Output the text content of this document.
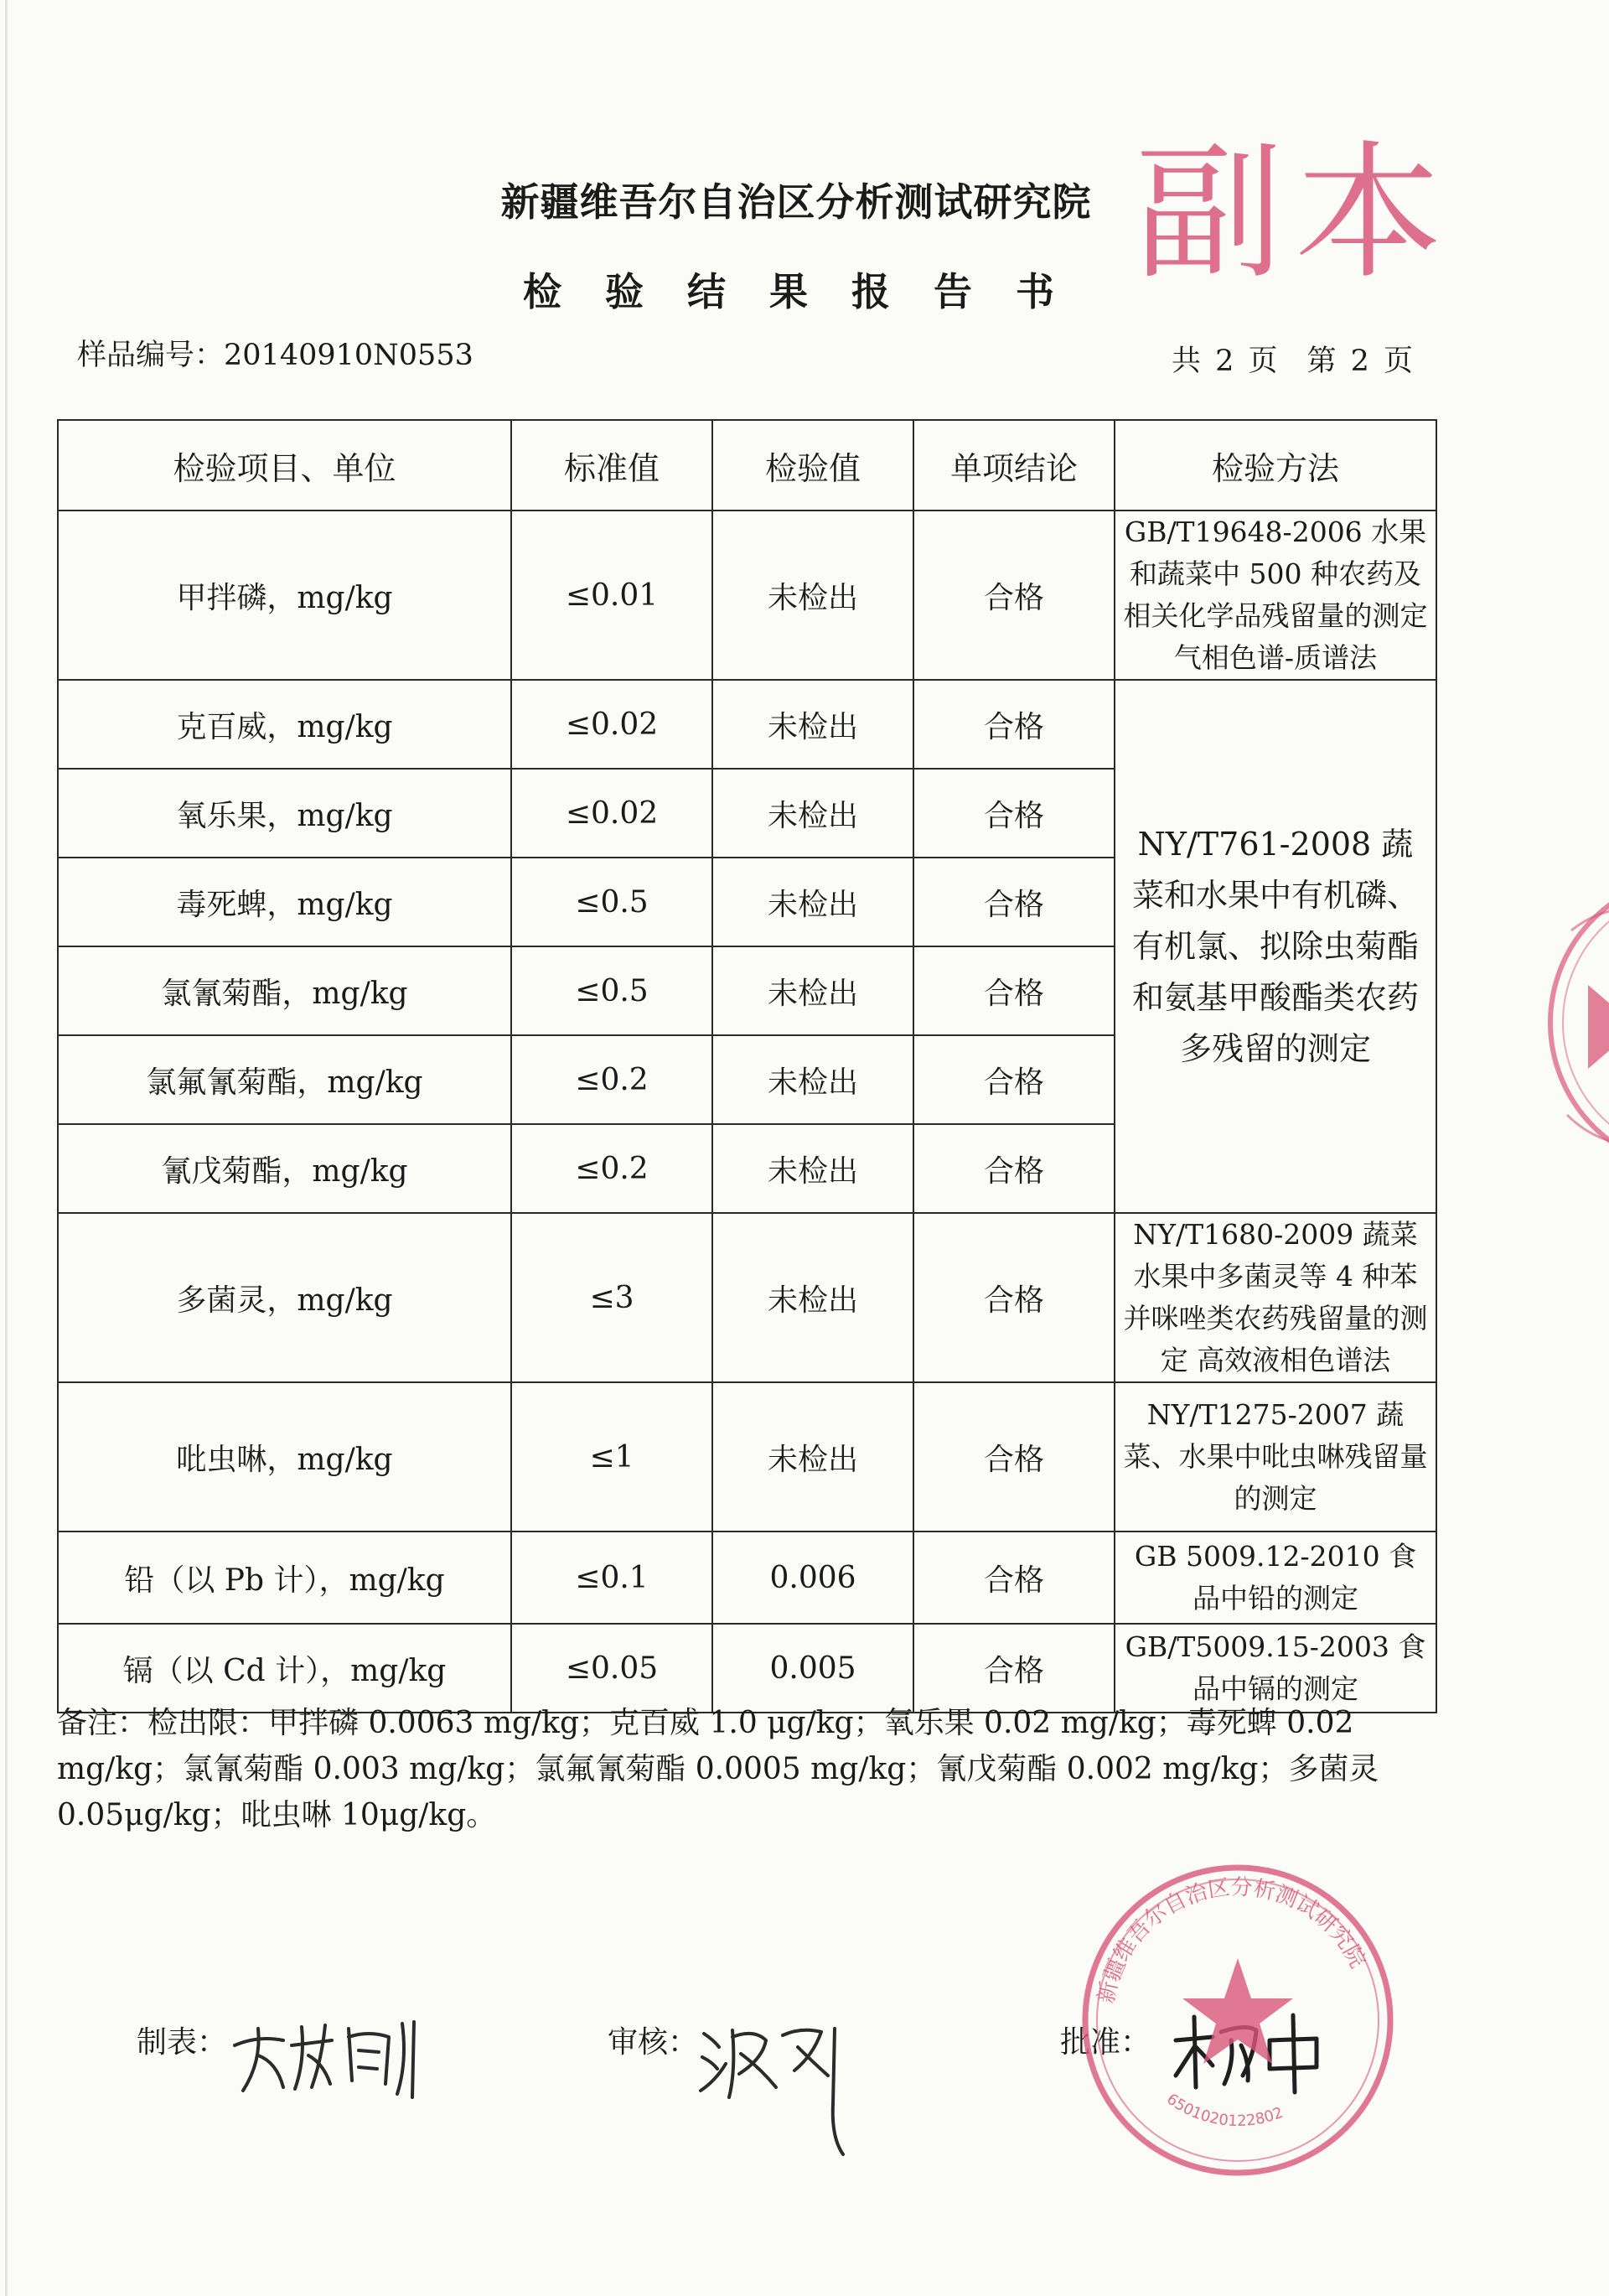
新疆维吾尔自治区分析测试研究院
检 验 结 果 报 告 书 副本
样品编号：20140910N0553	共 2 页　第 2 页
检验项目、单位	标准值	检验值	单项结论	检验方法
甲拌磷，mg/kg	≤0.01	未检出	合格	GB/T19648-2006 水果和蔬菜中 500 种农药及相关化学品残留量的测定 气相色谱-质谱法
克百威，mg/kg	≤0.02	未检出	合格	NY/T761-2008 蔬菜和水果中有机磷、有机氯、拟除虫菊酯和氨基甲酸酯类农药多残留的测定
氧乐果，mg/kg	≤0.02	未检出	合格	
毒死蜱，mg/kg	≤0.5	未检出	合格	
氯氰菊酯，mg/kg	≤0.5	未检出	合格	
氯氟氰菊酯，mg/kg	≤0.2	未检出	合格	
氰戊菊酯，mg/kg	≤0.2	未检出	合格	
多菌灵，mg/kg	≤3	未检出	合格	NY/T1680-2009 蔬菜水果中多菌灵等 4 种苯并咪唑类农药残留量的测定 高效液相色谱法
吡虫啉，mg/kg	≤1	未检出	合格	NY/T1275-2007 蔬菜、水果中吡虫啉残留量的测定
铅（以 Pb 计），mg/kg	≤0.1	0.006	合格	GB 5009.12-2010 食品中铅的测定
镉（以 Cd 计），mg/kg	≤0.05	0.005	合格	GB/T5009.15-2003 食品中镉的测定
备注：检出限：甲拌磷 0.0063 mg/kg；克百威 1.0 μg/kg；氧乐果 0.02 mg/kg；毒死蜱 0.02 mg/kg；氯氰菊酯 0.003 mg/kg；氯氟氰菊酯 0.0005 mg/kg；氰戊菊酯 0.002 mg/kg；多菌灵 0.05μg/kg；吡虫啉 10μg/kg。
制表：	审核：	批准：
新疆维吾尔自治区分析测试研究院
6501020122802
